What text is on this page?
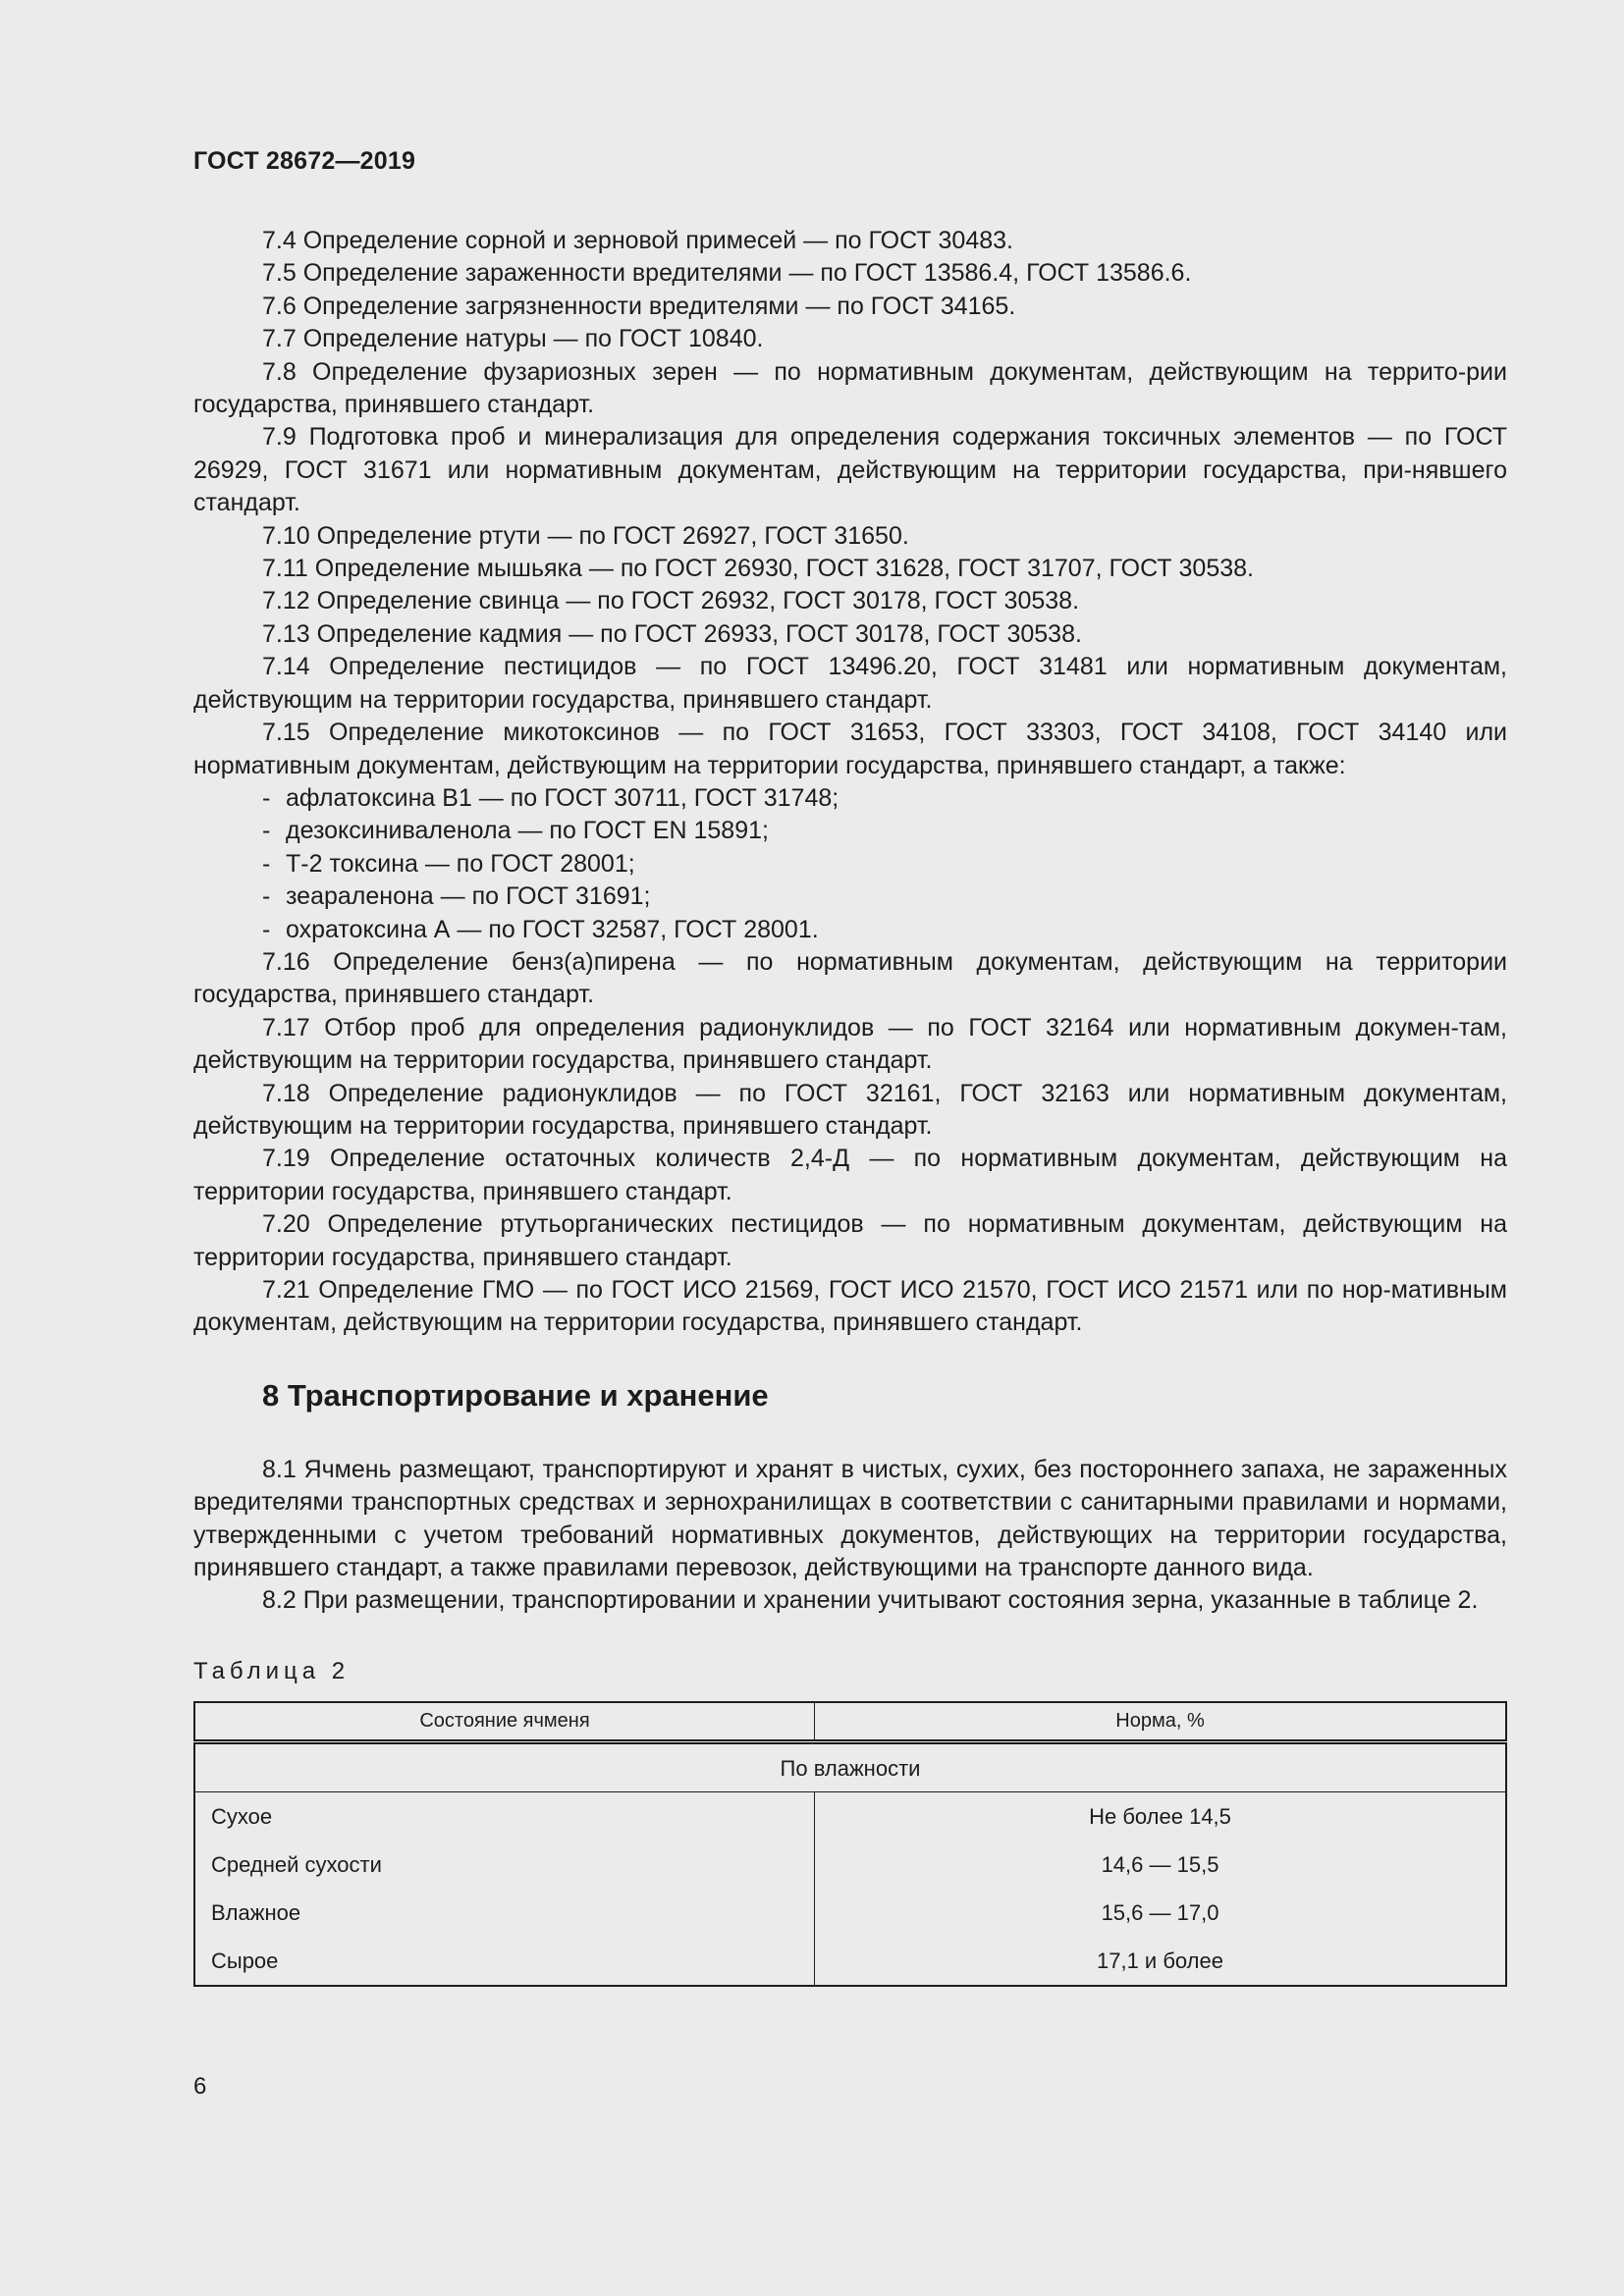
ГОСТ 28672—2019

7.4 Определение сорной и зерновой примесей — по ГОСТ 30483.

7.5 Определение зараженности вредителями — по ГОСТ 13586.4, ГОСТ 13586.6.

7.6 Определение загрязненности вредителями — по ГОСТ 34165.

7.7 Определение натуры — по ГОСТ 10840.

7.8 Определение фузариозных зерен — по нормативным документам, действующим на террито-рии государства, принявшего стандарт.

7.9 Подготовка проб и минерализация для определения содержания токсичных элементов — по ГОСТ 26929, ГОСТ 31671 или нормативным документам, действующим на территории государства, при-нявшего стандарт.

7.10 Определение ртути — по ГОСТ 26927, ГОСТ 31650.

7.11 Определение мышьяка — по ГОСТ 26930, ГОСТ 31628, ГОСТ 31707, ГОСТ 30538.

7.12 Определение свинца — по ГОСТ 26932, ГОСТ 30178, ГОСТ 30538.

7.13 Определение кадмия — по ГОСТ 26933, ГОСТ 30178, ГОСТ 30538.

7.14 Определение пестицидов — по ГОСТ 13496.20, ГОСТ 31481 или нормативным документам, действующим на территории государства, принявшего стандарт.

7.15 Определение микотоксинов — по ГОСТ 31653, ГОСТ 33303, ГОСТ 34108, ГОСТ 34140 или нормативным документам, действующим на территории государства, принявшего стандарт, а также:

- афлатоксина В1 — по ГОСТ 30711, ГОСТ 31748;

- дезоксиниваленола — по ГОСТ EN 15891;

- Т-2 токсина — по ГОСТ 28001;

- зеараленона — по ГОСТ 31691;

- охратоксина А — по ГОСТ 32587, ГОСТ 28001.

7.16 Определение бенз(а)пирена — по нормативным документам, действующим на территории государства, принявшего стандарт.

7.17 Отбор проб для определения радионуклидов — по ГОСТ 32164 или нормативным докумен-там, действующим на территории государства, принявшего стандарт.

7.18 Определение радионуклидов — по ГОСТ 32161, ГОСТ 32163 или нормативным документам, действующим на территории государства, принявшего стандарт.

7.19 Определение остаточных количеств 2,4-Д — по нормативным документам, действующим на территории государства, принявшего стандарт.

7.20 Определение ртутьорганических пестицидов — по нормативным документам, действующим на территории государства, принявшего стандарт.

7.21 Определение ГМО — по ГОСТ ИСО 21569, ГОСТ ИСО 21570, ГОСТ ИСО 21571 или по нор-мативным документам, действующим на территории государства, принявшего стандарт.

8 Транспортирование и хранение

8.1 Ячмень размещают, транспортируют и хранят в чистых, сухих, без постороннего запаха, не зараженных вредителями транспортных средствах и зернохранилищах в соответствии с санитарными правилами и нормами, утвержденными с учетом требований нормативных документов, действующих на территории государства, принявшего стандарт, а также правилами перевозок, действующими на транспорте данного вида.

8.2 При размещении, транспортировании и хранении учитывают состояния зерна, указанные в таблице 2.

Таблица 2
Состояние ячменя	Норма, %
По влажности	
Сухое	Не более 14,5
Средней сухости	14,6 — 15,5
Влажное	15,6 — 17,0
Сырое	17,1 и более
6
